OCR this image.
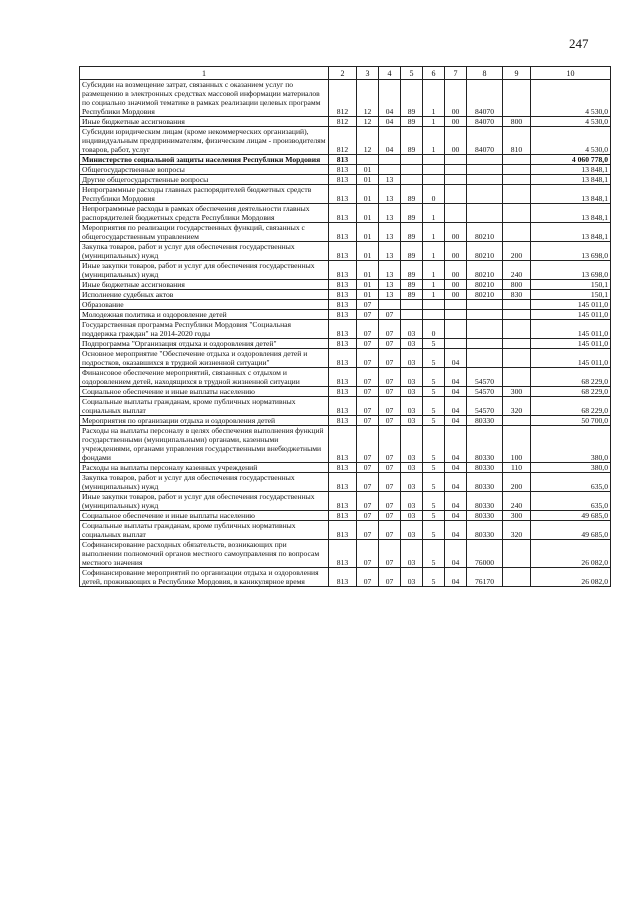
247
1	2	3	4	5	6	7	8	9	10
Субсидии на возмещение затрат, связанных с оказанием услуг по размещению в электронных средствах массовой информации материалов по социально значимой тематике в рамках реализации целевых программ Республики Мордовия	812	12	04	89	1	00	84070		4 530,0
Иные бюджетные ассигнования	812	12	04	89	1	00	84070	800	4 530,0
Субсидии юридическим лицам (кроме некоммерческих организаций), индивидуальным предпринимателям, физическим лицам - производителям товаров, работ, услуг	812	12	04	89	1	00	84070	810	4 530,0
Министерство социальной защиты населения Республики Мордовия	813								4 060 778,0
Общегосударственные вопросы	813	01							13 848,1
Другие общегосударственные вопросы	813	01	13						13 848,1
Непрограммные расходы главных распорядителей бюджетных средств Республики Мордовия	813	01	13	89	0				13 848,1
Непрограммные расходы в рамках обеспечения деятельности главных распорядителей бюджетных средств Республики Мордовия	813	01	13	89	1				13 848,1
Мероприятия по реализации государственных функций, связанных с общегосударственным управлением	813	01	13	89	1	00	80210		13 848,1
Закупка товаров, работ и услуг для обеспечения государственных (муниципальных) нужд	813	01	13	89	1	00	80210	200	13 698,0
Иные закупки товаров, работ и услуг для обеспечения государственных (муниципальных) нужд	813	01	13	89	1	00	80210	240	13 698,0
Иные бюджетные ассигнования	813	01	13	89	1	00	80210	800	150,1
Исполнение судебных актов	813	01	13	89	1	00	80210	830	150,1
Образование	813	07							145 011,0
Молодежная политика и оздоровление детей	813	07	07						145 011,0
Государственная программа Республики Мордовия "Социальная поддержка граждан" на 2014-2020 годы	813	07	07	03	0				145 011,0
Подпрограмма "Организация отдыха и оздоровления детей"	813	07	07	03	5				145 011,0
Основное мероприятие "Обеспечение отдыха и оздоровления детей и подростков, оказавшихся в трудной жизненной ситуации"	813	07	07	03	5	04			145 011,0
Финансовое обеспечение мероприятий, связанных с отдыхом и оздоровлением детей, находящихся в трудной жизненной ситуации	813	07	07	03	5	04	54570		68 229,0
Социальное обеспечение и иные выплаты населению	813	07	07	03	5	04	54570	300	68 229,0
Социальные выплаты гражданам, кроме публичных нормативных социальных выплат	813	07	07	03	5	04	54570	320	68 229,0
Мероприятия по организации отдыха и оздоровления детей	813	07	07	03	5	04	80330		50 700,0
Расходы на выплаты персоналу в целях обеспечения выполнения функций государственными (муниципальными) органами, казенными учреждениями, органами управления государственными внебюджетными фондами	813	07	07	03	5	04	80330	100	380,0
Расходы на выплаты персоналу казенных учреждений	813	07	07	03	5	04	80330	110	380,0
Закупка товаров, работ и услуг для обеспечения государственных (муниципальных) нужд	813	07	07	03	5	04	80330	200	635,0
Иные закупки товаров, работ и услуг для обеспечения государственных (муниципальных) нужд	813	07	07	03	5	04	80330	240	635,0
Социальное обеспечение и иные выплаты населению	813	07	07	03	5	04	80330	300	49 685,0
Социальные выплаты гражданам, кроме публичных нормативных социальных выплат	813	07	07	03	5	04	80330	320	49 685,0
Софинансирование расходных обязательств, возникающих при выполнении полномочий органов местного самоуправления по вопросам местного значения	813	07	07	03	5	04	76000		26 082,0
Софинансирование мероприятий по организации отдыха и оздоровления детей, проживающих в Республике Мордовия, в каникулярное время	813	07	07	03	5	04	76170		26 082,0
